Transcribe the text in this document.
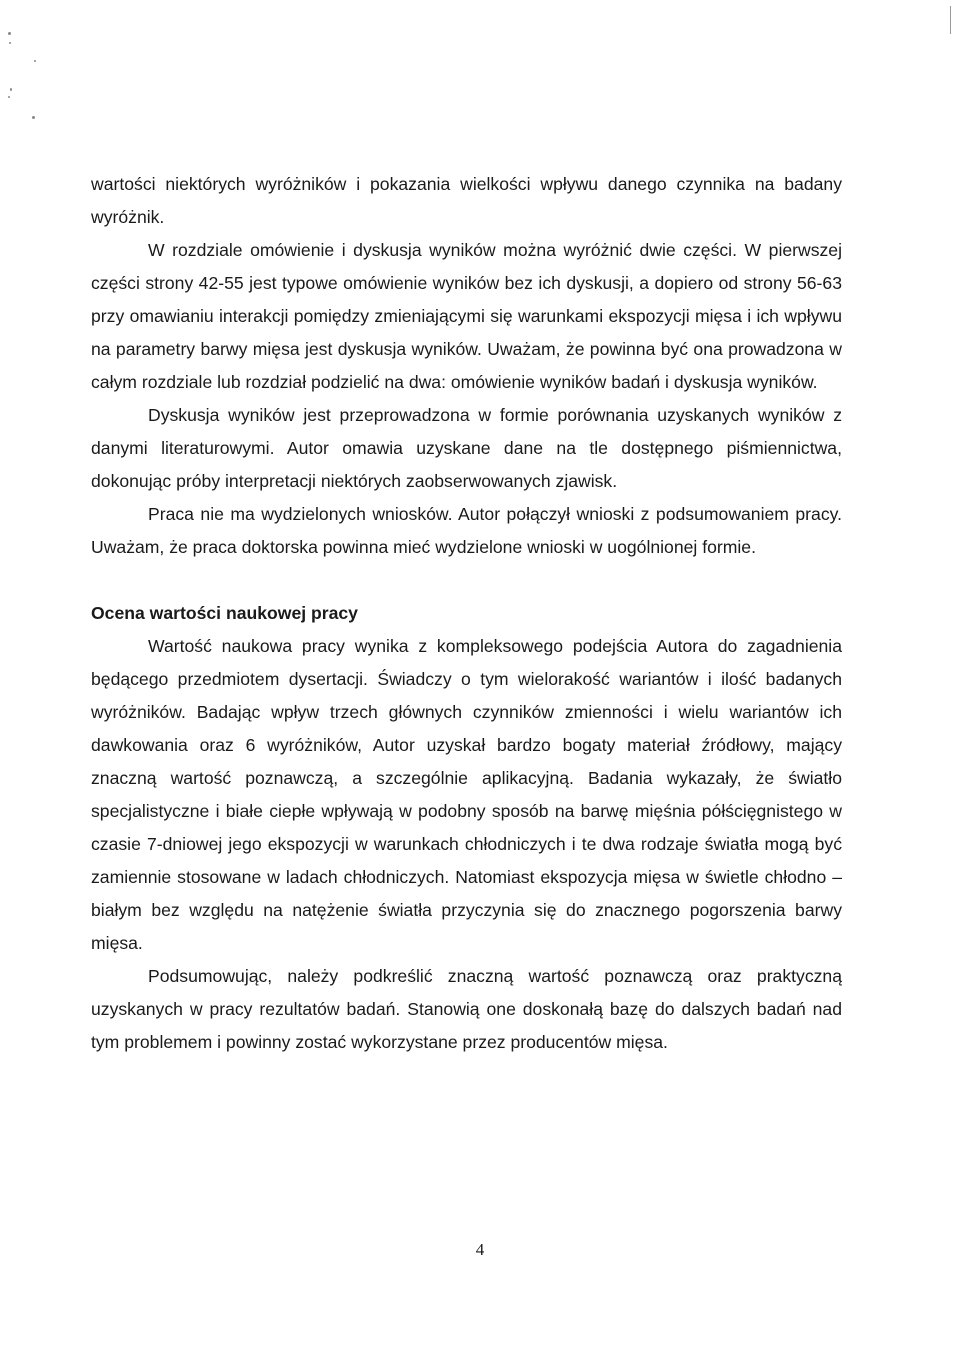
wartości niektórych wyróżników i pokazania wielkości wpływu danego czynnika na badany wyróżnik.

W rozdziale omówienie i dyskusja wyników można wyróżnić dwie części. W pierwszej części strony 42-55 jest typowe omówienie wyników bez ich dyskusji, a dopiero od strony 56-63 przy omawianiu interakcji pomiędzy zmieniającymi się warunkami ekspozycji mięsa i ich wpływu na parametry barwy mięsa jest dyskusja wyników. Uważam, że powinna być ona prowadzona w całym rozdziale lub rozdział podzielić na dwa: omówienie wyników badań i dyskusja wyników.

Dyskusja wyników jest przeprowadzona w formie porównania uzyskanych wyników z danymi literaturowymi. Autor omawia uzyskane dane na tle dostępnego piśmiennictwa, dokonując próby interpretacji niektórych zaobserwowanych zjawisk.

Praca nie ma wydzielonych wniosków. Autor połączył wnioski z podsumowaniem pracy. Uważam, że praca doktorska powinna mieć wydzielone wnioski w uogólnionej formie.

Ocena wartości naukowej pracy

Wartość naukowa pracy wynika z kompleksowego podejścia Autora do zagadnienia będącego przedmiotem dysertacji. Świadczy o tym wielorakość wariantów i ilość badanych wyróżników. Badając wpływ trzech głównych czynników zmienności i wielu wariantów ich dawkowania oraz 6 wyróżników, Autor uzyskał bardzo bogaty materiał źródłowy, mający znaczną wartość poznawczą, a szczególnie aplikacyjną. Badania wykazały, że światło specjalistyczne i białe ciepłe wpływają w podobny sposób na barwę mięśnia półścięgnistego w czasie 7-dniowej jego ekspozycji w warunkach chłodniczych i te dwa rodzaje światła mogą być zamiennie stosowane w ladach chłodniczych. Natomiast ekspozycja mięsa w świetle chłodno – białym bez względu na natężenie światła przyczynia się do znacznego pogorszenia barwy mięsa.

Podsumowując, należy podkreślić znaczną wartość poznawczą oraz praktyczną uzyskanych w pracy rezultatów badań. Stanowią one doskonałą bazę do dalszych badań nad tym problemem i powinny zostać wykorzystane przez producentów mięsa.

4
